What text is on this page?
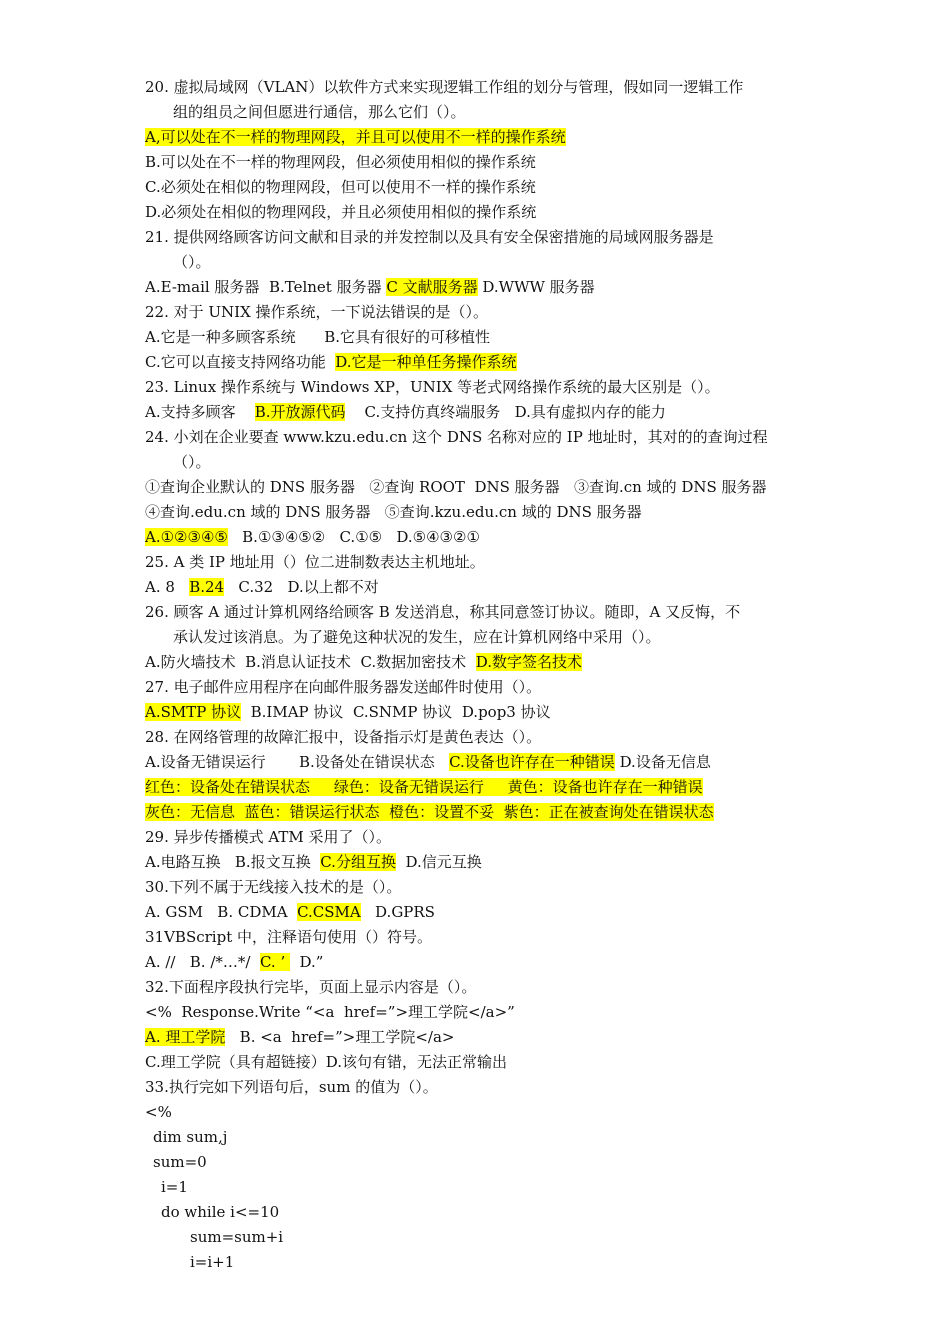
20. 虚拟局域网（VLAN）以软件方式来实现逻辑工作组的划分与管理，假如同一逻辑工作
组的组员之间但愿进行通信，那么它们（）。
A,可以处在不一样的物理网段，并且可以使用不一样的操作系统
B.可以处在不一样的物理网段，但必须使用相似的操作系统
C.必须处在相似的物理网段，但可以使用不一样的操作系统
D.必须处在相似的物理网段，并且必须使用相似的操作系统
21. 提供网络顾客访问文献和目录的并发控制以及具有安全保密措施的局域网服务器是
（）。
A.E-mail 服务器  B.Telnet 服务器 C 文献服务器 D.WWW 服务器
22. 对于 UNIX 操作系统，一下说法错误的是（）。
A.它是一种多顾客系统      B.它具有很好的可移植性
C.它可以直接支持网络功能  D.它是一种单任务操作系统
23. Linux 操作系统与 Windows XP，UNIX 等老式网络操作系统的最大区别是（）。
A.支持多顾客    B.开放源代码    C.支持仿真终端服务   D.具有虚拟内存的能力
24. 小刘在企业要查 www.kzu.edu.cn 这个 DNS 名称对应的 IP 地址时，其对的的查询过程
（）。
①查询企业默认的 DNS 服务器   ②查询 ROOT  DNS 服务器   ③查询.cn 域的 DNS 服务器
④查询.edu.cn 域的 DNS 服务器   ⑤查询.kzu.edu.cn 域的 DNS 服务器
A.①②③④⑤   B.①③④⑤②   C.①⑤   D.⑤④③②①
25. A 类 IP 地址用（）位二进制数表达主机地址。
A. 8   B.24   C.32   D.以上都不对
26. 顾客 A 通过计算机网络给顾客 B 发送消息，称其同意签订协议。随即，A 又反悔，不
承认发过该消息。为了避免这种状况的发生，应在计算机网络中采用（）。
A.防火墙技术  B.消息认证技术  C.数据加密技术  D.数字签名技术
27. 电子邮件应用程序在向邮件服务器发送邮件时使用（）。
A.SMTP 协议  B.IMAP 协议  C.SNMP 协议  D.pop3 协议
28. 在网络管理的故障汇报中，设备指示灯是黄色表达（）。
A.设备无错误运行       B.设备处在错误状态   C.设备也许存在一种错误 D.设备无信息
红色：设备处在错误状态     绿色：设备无错误运行     黄色：设备也许存在一种错误
灰色：无信息  蓝色：错误运行状态  橙色：设置不妥  紫色：正在被查询处在错误状态
29. 异步传播模式 ATM 采用了（）。
A.电路互换   B.报文互换  C.分组互换  D.信元互换
30.下列不属于无线接入技术的是（）。
A. GSM   B. CDMA  C.CSMA   D.GPRS
31VBScript 中，注释语句使用（）符号。
A. //   B. /*…*/  C. ’   D.”
32.下面程序段执行完毕，页面上显示内容是（）。
<%  Response.Write “<a  href=”>理工学院</a>”
A. 理工学院   B. <a  href=”>理工学院</a>
C.理工学院（具有超链接）D.该句有错，无法正常输出
33.执行完如下列语句后，sum 的值为（）。
<%
dim sum,j
sum=0
i=1
do while i<=10
sum=sum+i
i=i+1
